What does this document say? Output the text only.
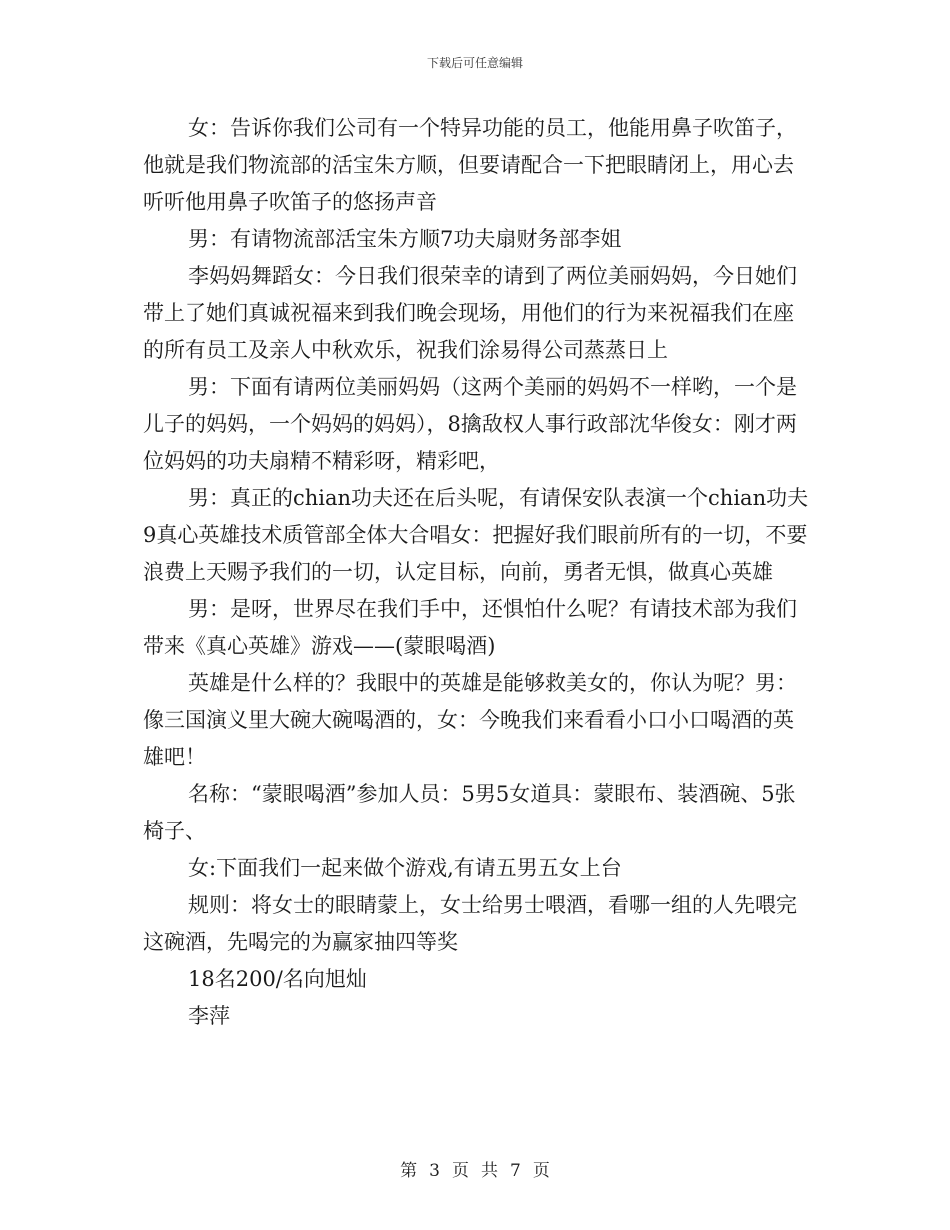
下载后可任意编辑

女：告诉你我们公司有一个特异功能的员工，他能用鼻子吹笛子，他就是我们物流部的活宝朱方顺，但要请配合一下把眼睛闭上，用心去听听他用鼻子吹笛子的悠扬声音

男：有请物流部活宝朱方顺7功夫扇财务部李姐

李妈妈舞蹈女：今日我们很荣幸的请到了两位美丽妈妈，今日她们带上了她们真诚祝福来到我们晚会现场，用他们的行为来祝福我们在座的所有员工及亲人中秋欢乐，祝我们涂易得公司蒸蒸日上

男：下面有请两位美丽妈妈（这两个美丽的妈妈不一样哟，一个是儿子的妈妈，一个妈妈的妈妈），8擒敌权人事行政部沈华俊女：刚才两位妈妈的功夫扇精不精彩呀，精彩吧，

男：真正的chian功夫还在后头呢，有请保安队表演一个chian功夫9真心英雄技术质管部全体大合唱女：把握好我们眼前所有的一切，不要浪费上天赐予我们的一切，认定目标，向前，勇者无惧，做真心英雄

男：是呀，世界尽在我们手中，还惧怕什么呢？有请技术部为我们带来《真心英雄》游戏——(蒙眼喝酒)

英雄是什么样的？我眼中的英雄是能够救美女的，你认为呢？男：像三国演义里大碗大碗喝酒的，女：今晚我们来看看小口小口喝酒的英雄吧！

名称：“蒙眼喝酒”参加人员：5男5女道具：蒙眼布、装酒碗、5张椅子、

女:下面我们一起来做个游戏,有请五男五女上台

规则：将女士的眼睛蒙上，女士给男士喂酒，看哪一组的人先喂完这碗酒，先喝完的为赢家抽四等奖

18名200/名向旭灿

李萍

第 3 页 共 7 页
